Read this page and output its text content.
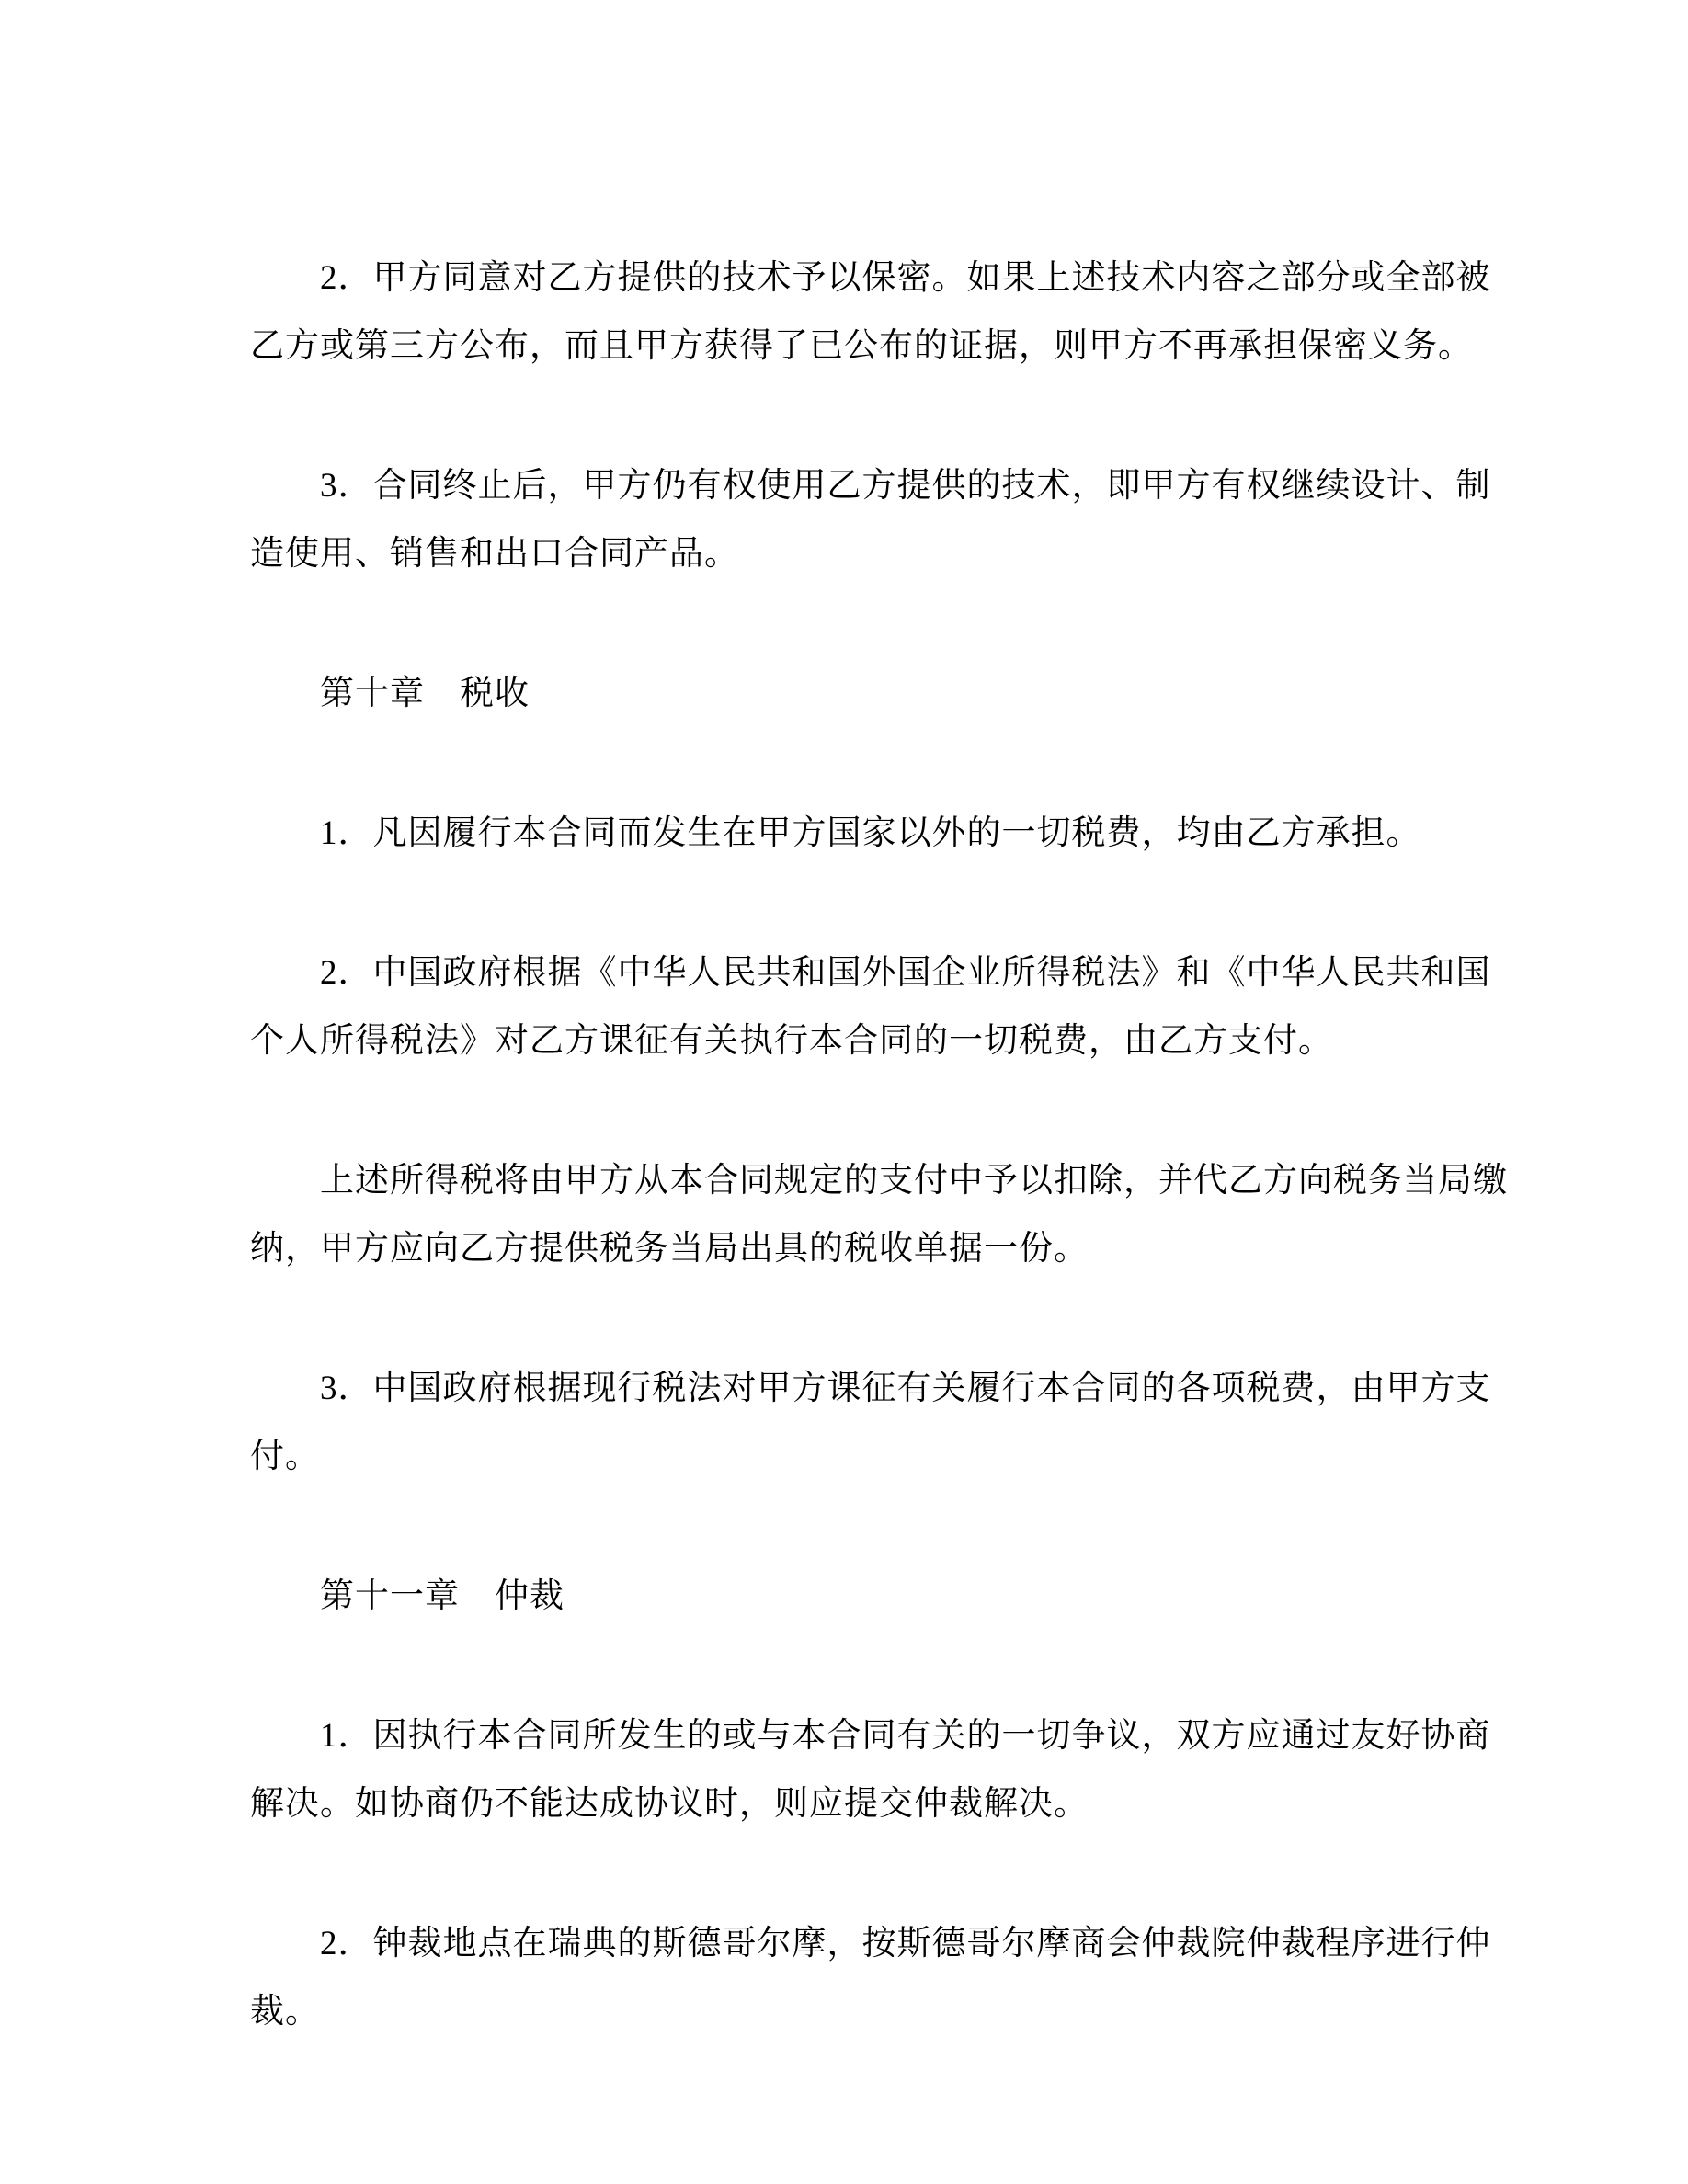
2．甲方同意对乙方提供的技术予以保密。如果上述技术内容之部分或全部被
乙方或第三方公布，而且甲方获得了已公布的证据，则甲方不再承担保密义务。

3．合同终止后，甲方仍有权使用乙方提供的技术，即甲方有权继续设计、制
造使用、销售和出口合同产品。

第十章　税收

1．凡因履行本合同而发生在甲方国家以外的一切税费，均由乙方承担。

2．中国政府根据《中华人民共和国外国企业所得税法》和《中华人民共和国
个人所得税法》对乙方课征有关执行本合同的一切税费，由乙方支付。

上述所得税将由甲方从本合同规定的支付中予以扣除，并代乙方向税务当局缴
纳，甲方应向乙方提供税务当局出具的税收单据一份。

3．中国政府根据现行税法对甲方课征有关履行本合同的各项税费，由甲方支
付。

第十一章　仲裁

1．因执行本合同所发生的或与本合同有关的一切争议，双方应通过友好协商
解决。如协商仍不能达成协议时，则应提交仲裁解决。

2．钟裁地点在瑞典的斯德哥尔摩，按斯德哥尔摩商会仲裁院仲裁程序进行仲
裁。
